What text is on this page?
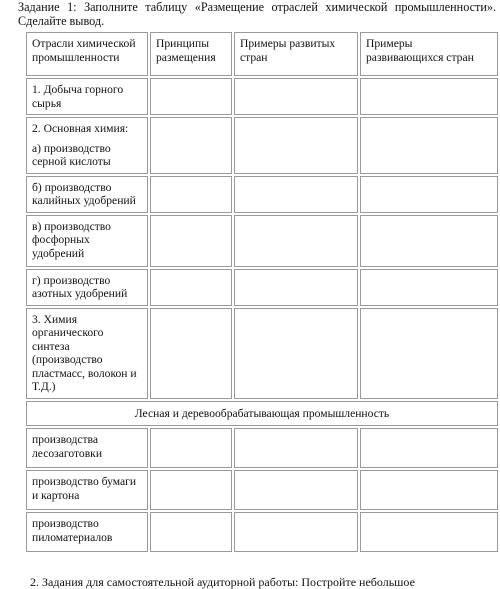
Задание 1: Заполните таблицу «Размещение отраслей химической промышленности». Сделайте вывод.
Отрасли химической промышленности	Принципы размещения	Примеры развитых стран	Примеры развивающихся стран
1. Добыча горного сырья			

2. Основная химия:
а) производство серной кислоты			

б) производство калийных удобрений			
в) производство фосфорных удобрений			
г) производство азотных удобрений			
3. Химия органического синтеза (производство пластмасс, волокон и Т.Д.)			
Лесная и деревообрабатывающая промышленность			
производства лесозаготовки			
производство бумаги и картона			
производство пиломатериалов			
2. Задания для самостоятельной аудиторной работы: Постройте небольшое
